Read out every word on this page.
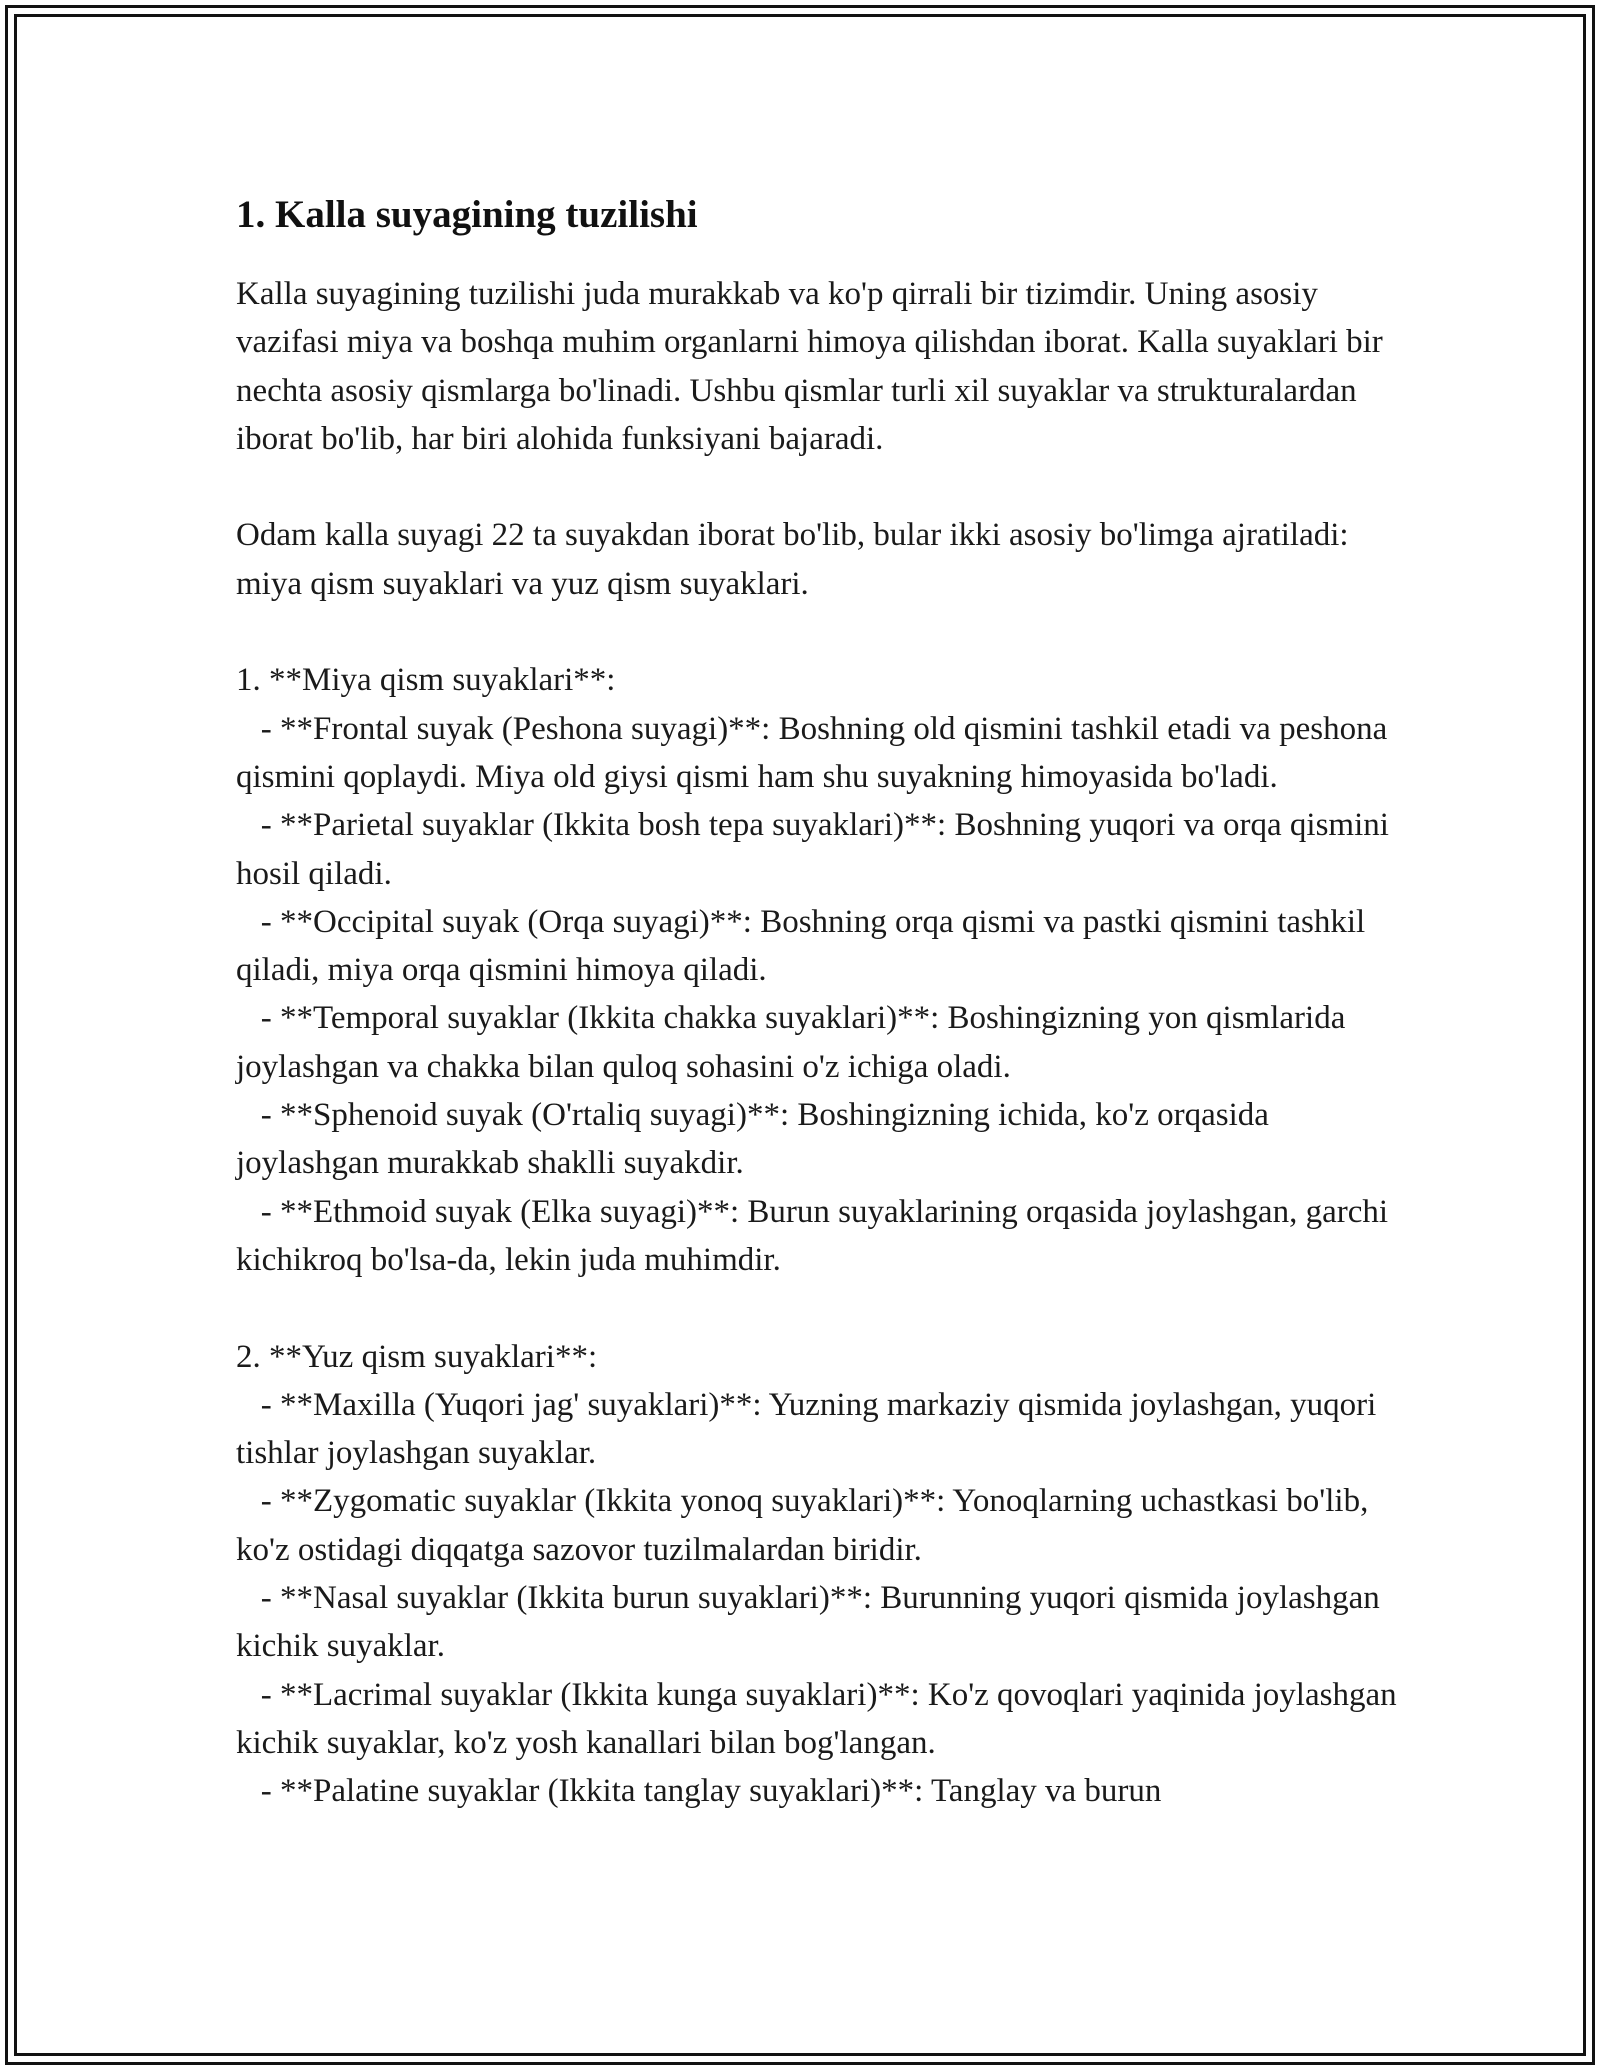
1. Kalla suyagining tuzilishi

Kalla suyagining tuzilishi juda murakkab va ko'p qirrali bir tizimdir. Uning asosiy vazifasi miya va boshqa muhim organlarni himoya qilishdan iborat. Kalla suyaklari bir nechta asosiy qismlarga bo'linadi. Ushbu qismlar turli xil suyaklar va strukturalardan iborat bo'lib, har biri alohida funksiyani bajaradi.

Odam kalla suyagi 22 ta suyakdan iborat bo'lib, bular ikki asosiy bo'limga ajratiladi: miya qism suyaklari va yuz qism suyaklari.

1. **Miya qism suyaklari**:
- **Frontal suyak (Peshona suyagi)**: Boshning old qismini tashkil etadi va peshona qismini qoplaydi. Miya old giysi qismi ham shu suyakning himoyasida bo'ladi.
- **Parietal suyaklar (Ikkita bosh tepa suyaklari)**: Boshning yuqori va orqa qismini hosil qiladi.
- **Occipital suyak (Orqa suyagi)**: Boshning orqa qismi va pastki qismini tashkil qiladi, miya orqa qismini himoya qiladi.
- **Temporal suyaklar (Ikkita chakka suyaklari)**: Boshingizning yon qismlarida joylashgan va chakka bilan quloq sohasini o'z ichiga oladi.
- **Sphenoid suyak (O'rtaliq suyagi)**: Boshingizning ichida, ko'z orqasida joylashgan murakkab shaklli suyakdir.
- **Ethmoid suyak (Elka suyagi)**: Burun suyaklarining orqasida joylashgan, garchi kichikroq bo'lsa-da, lekin juda muhimdir.

2. **Yuz qism suyaklari**:
- **Maxilla (Yuqori jag' suyaklari)**: Yuzning markaziy qismida joylashgan, yuqori tishlar joylashgan suyaklar.
- **Zygomatic suyaklar (Ikkita yonoq suyaklari)**: Yonoqlarning uchastkasi bo'lib, ko'z ostidagi diqqatga sazovor tuzilmalardan biridir.
- **Nasal suyaklar (Ikkita burun suyaklari)**: Burunning yuqori qismida joylashgan kichik suyaklar.
- **Lacrimal suyaklar (Ikkita kunga suyaklari)**: Ko'z qovoqlari yaqinida joylashgan kichik suyaklar, ko'z yosh kanallari bilan bog'langan.
- **Palatine suyaklar (Ikkita tanglay suyaklari)**: Tanglay va burun
